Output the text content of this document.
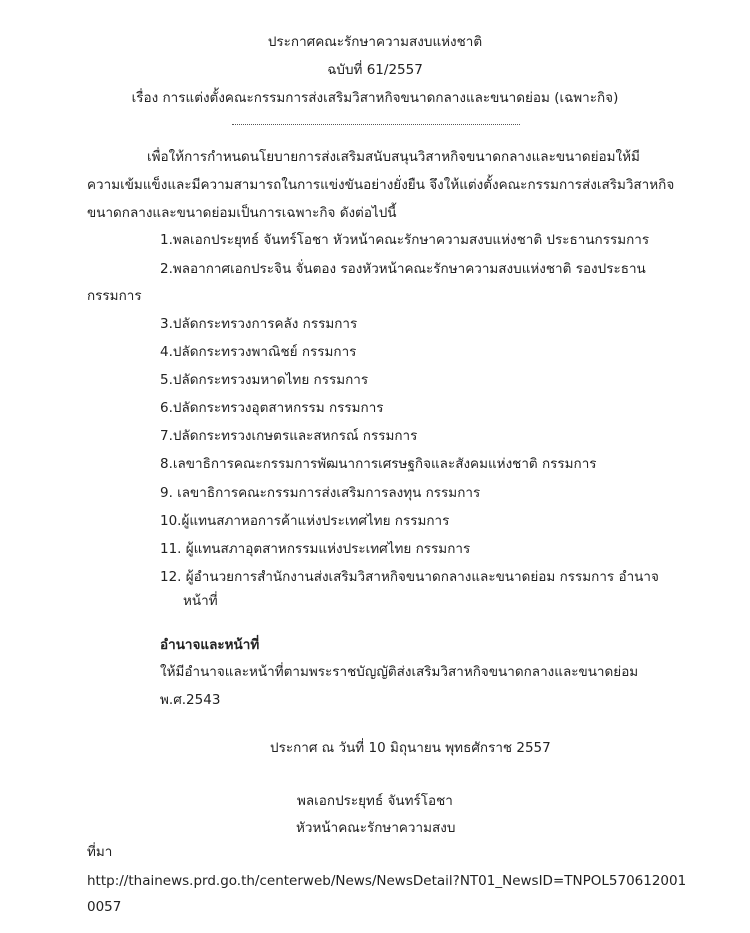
ประกาศคณะรักษาความสงบแห่งชาติ
ฉบับที่ 61/2557
เรื่อง การแต่งตั้งคณะกรรมการส่งเสริมวิสาหกิจขนาดกลางและขนาดย่อม (เฉพาะกิจ)
เพื่อให้การกำหนดนโยบายการส่งเสริมสนับสนุนวิสาหกิจขนาดกลางและขนาดย่อมให้มี
ความเข้มแข็งและมีความสามารถในการแข่งขันอย่างยั่งยืน จึงให้แต่งตั้งคณะกรรมการส่งเสริมวิสาหกิจ
ขนาดกลางและขนาดย่อมเป็นการเฉพาะกิจ ดังต่อไปนี้
1.พลเอกประยุทธ์ จันทร์โอชา หัวหน้าคณะรักษาความสงบแห่งชาติ ประธานกรรมการ
2.พลอากาศเอกประจิน จั่นตอง รองหัวหน้าคณะรักษาความสงบแห่งชาติ รองประธาน
กรรมการ
3.ปลัดกระทรวงการคลัง กรรมการ
4.ปลัดกระทรวงพาณิชย์ กรรมการ
5.ปลัดกระทรวงมหาดไทย กรรมการ
6.ปลัดกระทรวงอุตสาหกรรม กรรมการ
7.ปลัดกระทรวงเกษตรและสหกรณ์ กรรมการ
8.เลขาธิการคณะกรรมการพัฒนาการเศรษฐกิจและสังคมแห่งชาติ กรรมการ
9. เลขาธิการคณะกรรมการส่งเสริมการลงทุน กรรมการ
10.ผู้แทนสภาหอการค้าแห่งประเทศไทย กรรมการ
11. ผู้แทนสภาอุตสาหกรรมแห่งประเทศไทย กรรมการ
12. ผู้อำนวยการสำนักงานส่งเสริมวิสาหกิจขนาดกลางและขนาดย่อม กรรมการ อำนาจ
หน้าที่
อำนาจและหน้าที่
ให้มีอำนาจและหน้าที่ตามพระราชบัญญัติส่งเสริมวิสาหกิจขนาดกลางและขนาดย่อม
พ.ศ.2543
ประกาศ ณ วันที่ 10 มิถุนายน พุทธศักราช 2557
พลเอกประยุทธ์ จันทร์โอชา
หัวหน้าคณะรักษาความสงบ
ที่มา
http://thainews.prd.go.th/centerweb/News/NewsDetail?NT01_NewsID=TNPOL570612001
0057
